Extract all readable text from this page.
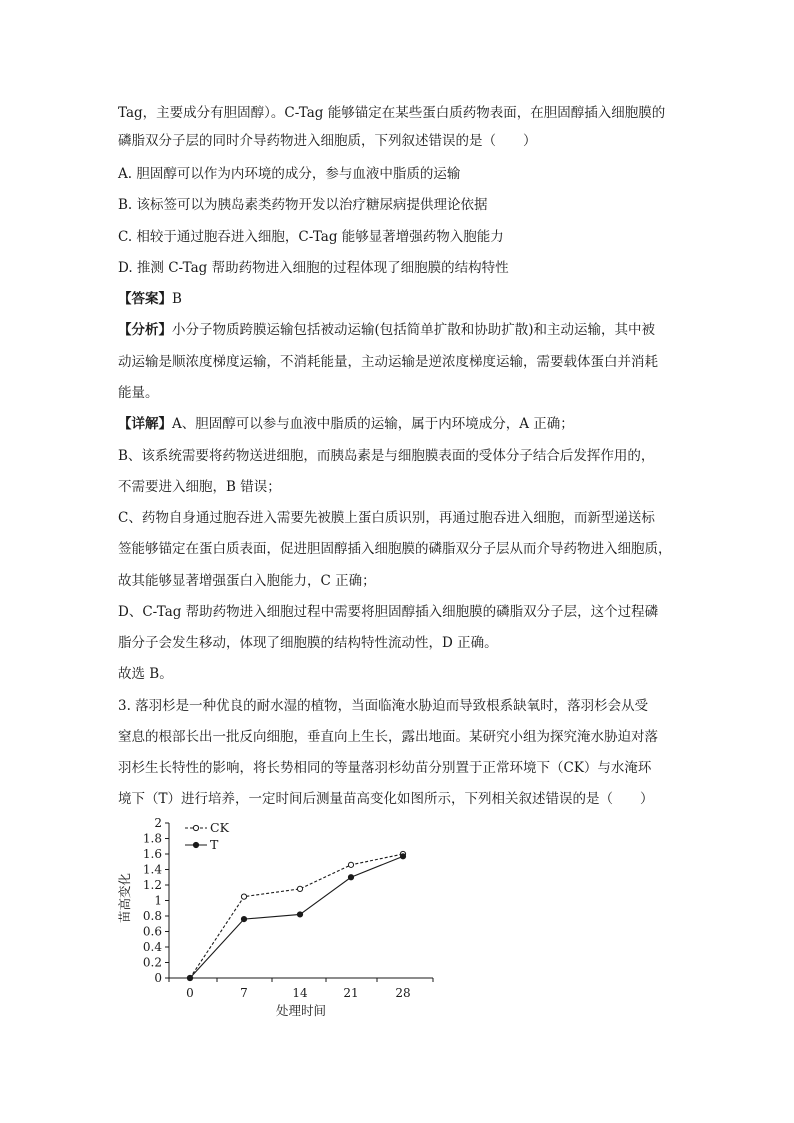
Tag，主要成分有胆固醇）。C-Tag 能够锚定在某些蛋白质药物表面，在胆固醇插入细胞膜的
磷脂双分子层的同时介导药物进入细胞质，下列叙述错误的是（　　）
A. 胆固醇可以作为内环境的成分，参与血液中脂质的运输
B. 该标签可以为胰岛素类药物开发以治疗糖尿病提供理论依据
C. 相较于通过胞吞进入细胞，C-Tag 能够显著增强药物入胞能力
D. 推测 C-Tag 帮助药物进入细胞的过程体现了细胞膜的结构特性
【答案】B
【分析】小分子物质跨膜运输包括被动运输(包括简单扩散和协助扩散)和主动运输，其中被
动运输是顺浓度梯度运输，不消耗能量，主动运输是逆浓度梯度运输，需要载体蛋白并消耗
能量。
【详解】A、胆固醇可以参与血液中脂质的运输，属于内环境成分，A 正确；
B、该系统需要将药物送进细胞，而胰岛素是与细胞膜表面的受体分子结合后发挥作用的，
不需要进入细胞，B 错误；
C、药物自身通过胞吞进入需要先被膜上蛋白质识别，再通过胞吞进入细胞，而新型递送标
签能够锚定在蛋白质表面，促进胆固醇插入细胞膜的磷脂双分子层从而介导药物进入细胞质，
故其能够显著增强蛋白入胞能力，C 正确；
D、C-Tag 帮助药物进入细胞过程中需要将胆固醇插入细胞膜的磷脂双分子层，这个过程磷
脂分子会发生移动，体现了细胞膜的结构特性流动性，D 正确。
故选 B。
3. 落羽杉是一种优良的耐水湿的植物，当面临淹水胁迫而导致根系缺氧时，落羽杉会从受
窒息的根部长出一批反向细胞，垂直向上生长，露出地面。某研究小组为探究淹水胁迫对落
羽杉生长特性的影响，将长势相同的等量落羽杉幼苗分别置于正常环境下（CK）与水淹环
境下（T）进行培养，一定时间后测量苗高变化如图所示，下列相关叙述错误的是（　　）
0
0.2
0.4
0.6
0.8
1
1.2
1.4
1.6
1.8
2
0	7	14	21	28
处理时间
苗高变化
CK
T
